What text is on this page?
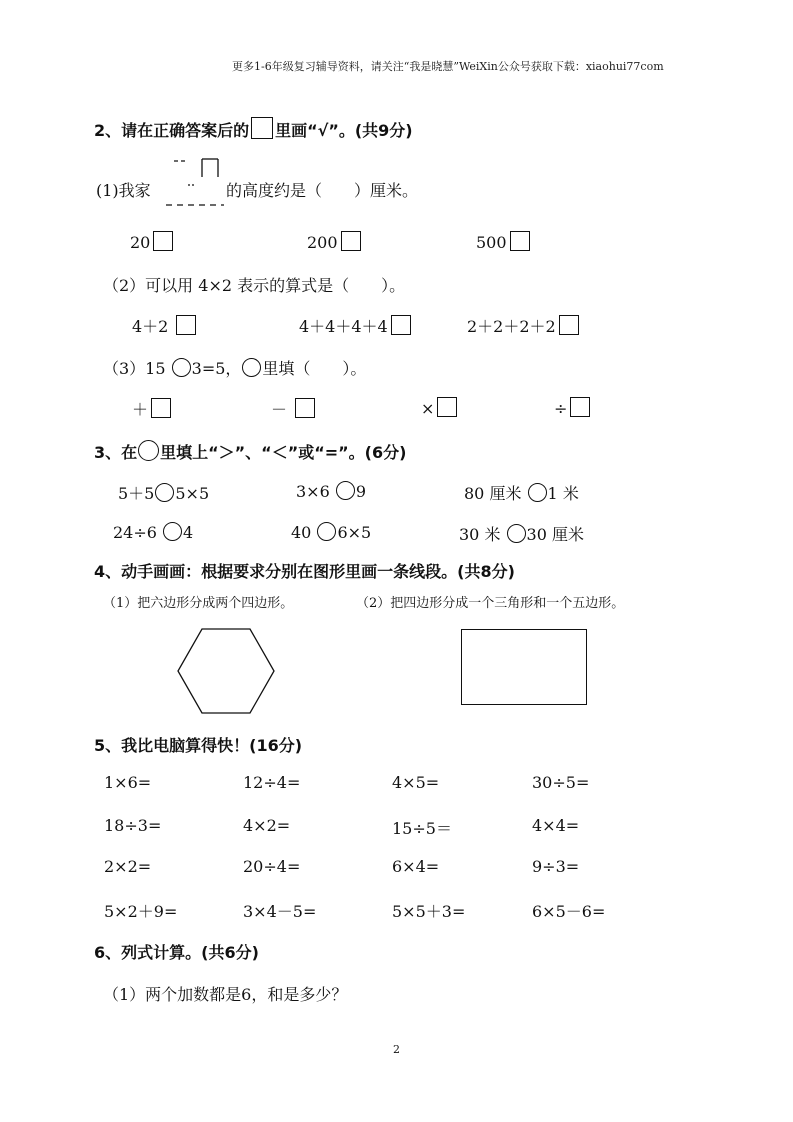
更多1-6年级复习辅导资料，请关注“我是晓慧”WeiXin公众号获取下载：xiaohui77com
2、请在正确答案后的 里画“√”。(共9分)
(1)我家	的高度约是（　　）厘米。
20	200	500
（2）可以用 4×2 表示的算式是（　　）。
4＋2	4＋4＋4＋4	2＋2＋2＋2
（3）15 3=5， 里填（　　）。
＋	－	×	÷
3、在 里填上“＞”、“＜”或“=”。(6分)
5＋5 5×5	3×6 9	80 厘米 1 米
24÷6 4	40 6×5	30 米 30 厘米
4、动手画画：根据要求分别在图形里画一条线段。(共8分)
（1）把六边形分成两个四边形。	（2）把四边形分成一个三角形和一个五边形。
5、我比电脑算得快！(16分)
1×6=	12÷4=	4×5=	30÷5=
18÷3=	4×2=	15÷5＝	4×4=
2×2=	20÷4=	6×4=	9÷3=
5×2＋9=	3×4－5=	5×5＋3=	6×5－6=
6、列式计算。(共6分)
（1）两个加数都是6，和是多少？
2
